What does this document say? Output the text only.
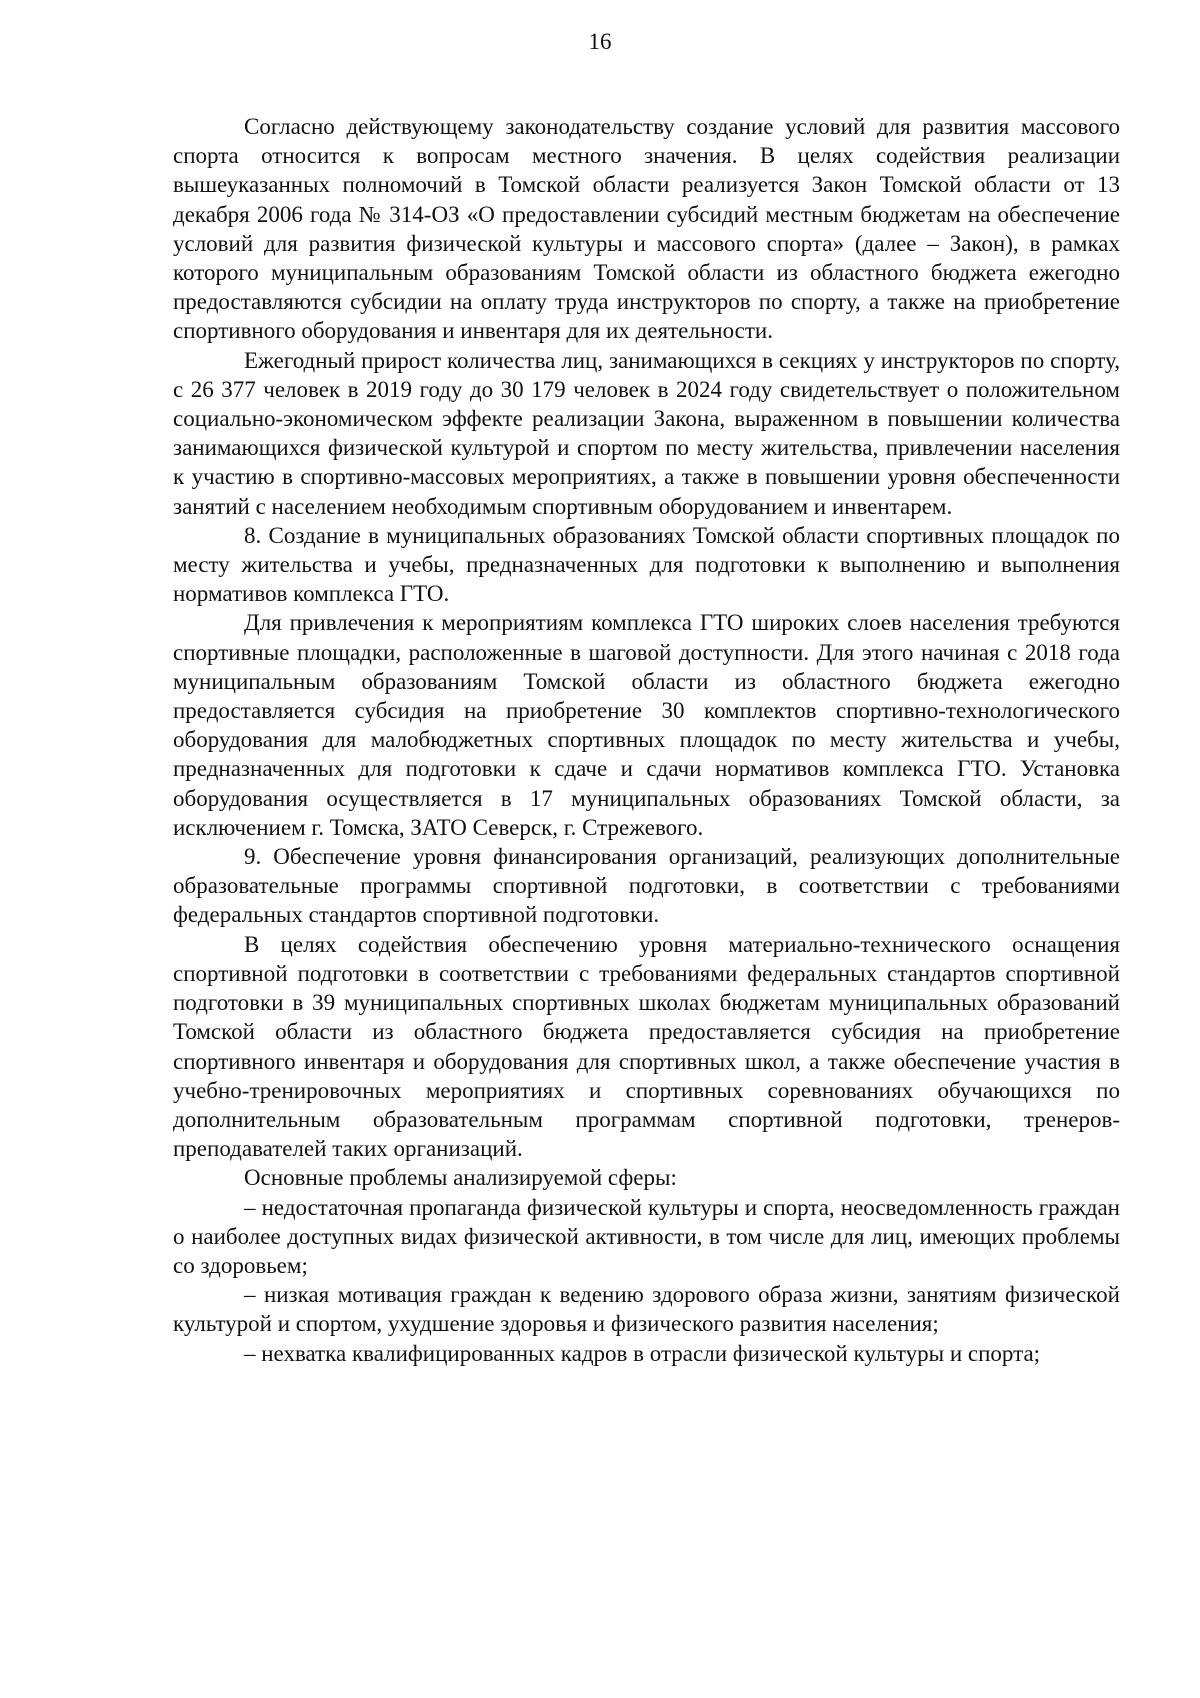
16

Согласно действующему законодательству создание условий для развития массового спорта относится к вопросам местного значения. В целях содействия реализации вышеуказанных полномочий в Томской области реализуется Закон Томской области от 13 декабря 2006 года № 314-ОЗ «О предоставлении субсидий местным бюджетам на обеспечение условий для развития физической культуры и массового спорта» (далее – Закон), в рамках которого муниципальным образованиям Томской области из областного бюджета ежегодно предоставляются субсидии на оплату труда инструкторов по спорту, а также на приобретение спортивного оборудования и инвентаря для их деятельности.

Ежегодный прирост количества лиц, занимающихся в секциях у инструкторов по спорту, с 26 377 человек в 2019 году до 30 179 человек в 2024 году свидетельствует о положительном социально-экономическом эффекте реализации Закона, выраженном в повышении количества занимающихся физической культурой и спортом по месту жительства, привлечении населения к участию в спортивно-массовых мероприятиях, а также в повышении уровня обеспеченности занятий с населением необходимым спортивным оборудованием и инвентарем.

8. Создание в муниципальных образованиях Томской области спортивных площадок по месту жительства и учебы, предназначенных для подготовки к выполнению и выполнения нормативов комплекса ГТО.

Для привлечения к мероприятиям комплекса ГТО широких слоев населения требуются спортивные площадки, расположенные в шаговой доступности. Для этого начиная с 2018 года муниципальным образованиям Томской области из областного бюджета ежегодно предоставляется субсидия на приобретение 30 комплектов спортивно-технологического оборудования для малобюджетных спортивных площадок по месту жительства и учебы, предназначенных для подготовки к сдаче и сдачи нормативов комплекса ГТО. Установка оборудования осуществляется в 17 муниципальных образованиях Томской области, за исключением г. Томска, ЗАТО Северск, г. Стрежевого.

9. Обеспечение уровня финансирования организаций, реализующих дополнительные образовательные программы спортивной подготовки, в соответствии с требованиями федеральных стандартов спортивной подготовки.

В целях содействия обеспечению уровня материально-технического оснащения спортивной подготовки в соответствии с требованиями федеральных стандартов спортивной подготовки в 39 муниципальных спортивных школах бюджетам муниципальных образований Томской области из областного бюджета предоставляется субсидия на приобретение спортивного инвентаря и оборудования для спортивных школ, а также обеспечение участия в учебно-тренировочных мероприятиях и спортивных соревнованиях обучающихся по дополнительным образовательным программам спортивной подготовки, тренеров-преподавателей таких организаций.

Основные проблемы анализируемой сферы:

– недостаточная пропаганда физической культуры и спорта, неосведомленность граждан о наиболее доступных видах физической активности, в том числе для лиц, имеющих проблемы со здоровьем;

– низкая мотивация граждан к ведению здорового образа жизни, занятиям физической культурой и спортом, ухудшение здоровья и физического развития населения;

– нехватка квалифицированных кадров в отрасли физической культуры и спорта;
